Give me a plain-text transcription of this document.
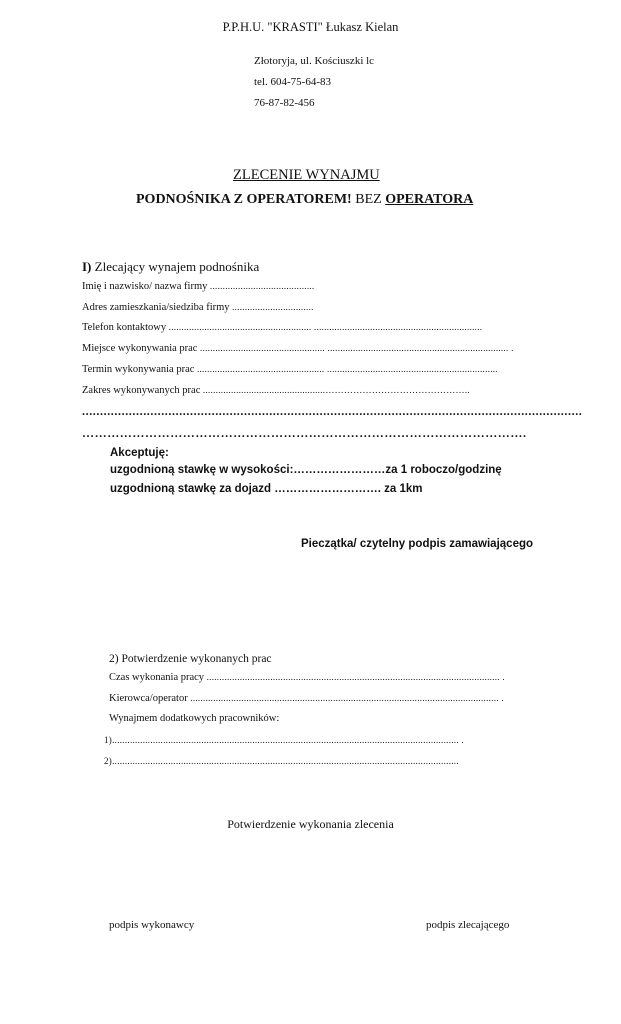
P.P.H.U. "KRASTI" Łukasz Kielan
Złotoryja, ul. Kościuszki lc
tel. 604-75-64-83
76-87-82-456
ZLECENIE WYNAJMU
PODNOŚNIKA Z OPERATOREM! BEZ OPERATORA
I) Zlecający wynajem podnośnika
Imię i nazwisko/ nazwa firmy .........................................
Adres zamieszkania/siedziba firmy ................................
Telefon kontaktowy ........................................................ ..................................................................
Miejsce wykonywania prac ................................................. ....................................................................... .
Termin wykonywania prac .................................................. ...................................................................
Zakres wykonywanych prac ................................................………………………………………..
...........................................................................................................................................
…………………………………………………………………………………………….
Akceptuję:
uzgodnioną stawkę w wysokości:……………………za 1 roboczo/godzinę
uzgodnioną stawkę za dojazd ………………………. za 1km
Pieczątka/ czytelny podpis zamawiającego
2) Potwierdzenie wykonanych prac
Czas wykonania pracy ................................................................................................................... .
Kierowca/operator ......................................................................................................................... .
Wynajmem dodatkowych pracowników:
1)........................................................................................................................................ .
2)........................................................................................................................................
Potwierdzenie wykonania zlecenia
podpis wykonawcy	podpis zlecającego
